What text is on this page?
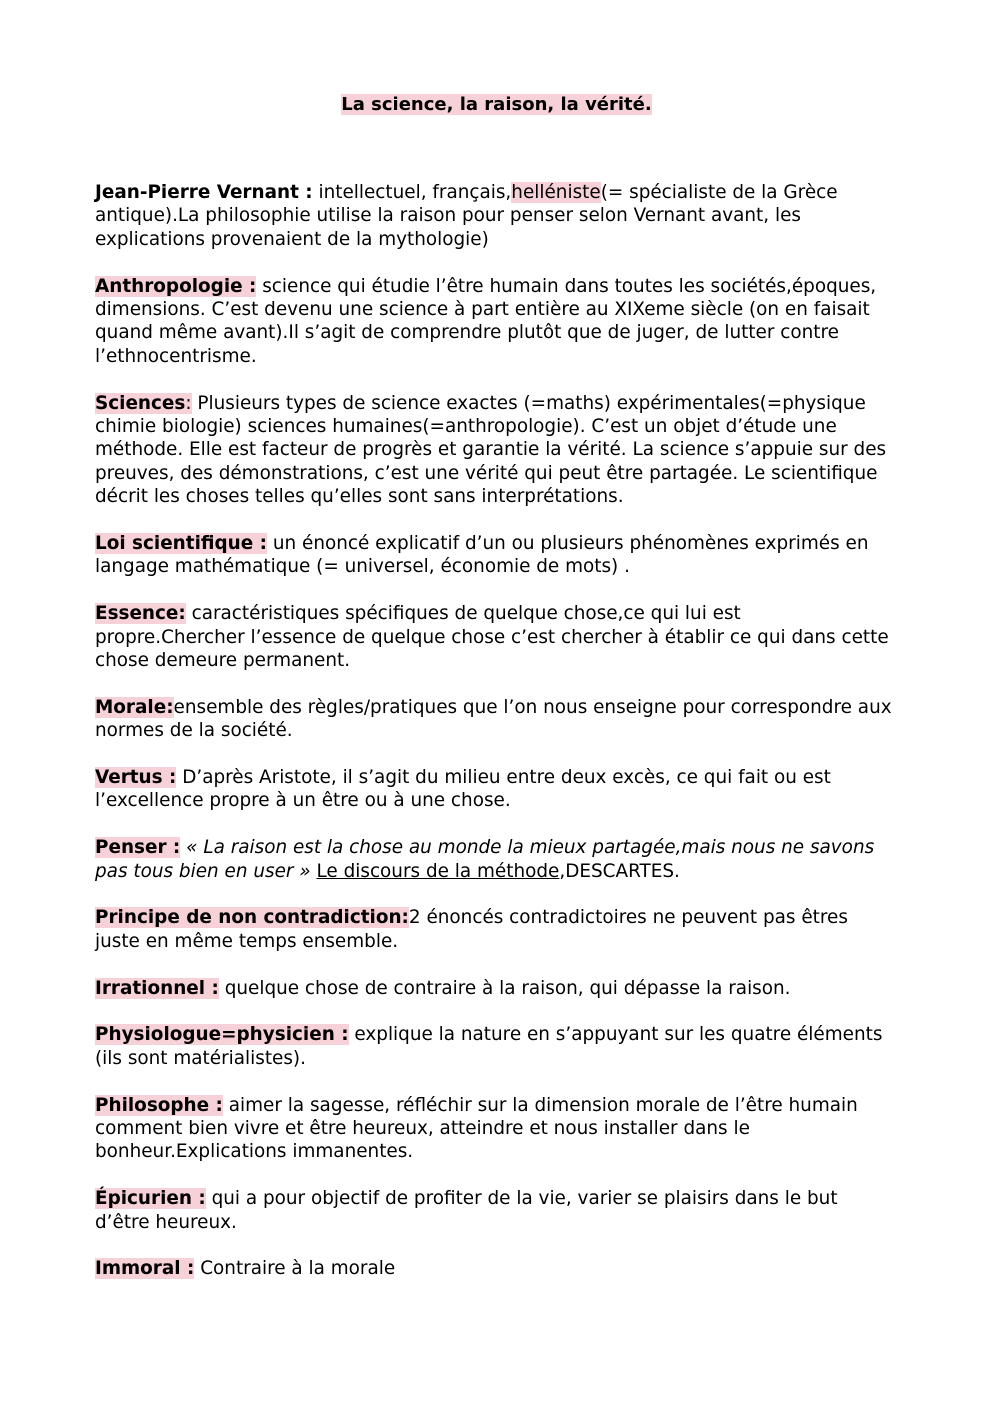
La science, la raison, la vérité.

Jean-Pierre Vernant : intellectuel, français,helléniste(= spécialiste de la Grèce antique).La philosophie utilise la raison pour penser selon Vernant avant, les explications provenaient de la mythologie)

Anthropologie : science qui étudie l’être humain dans toutes les sociétés,époques, dimensions. C’est devenu une science à part entière au XIXeme siècle (on en faisait quand même avant).Il s’agit de comprendre plutôt que de juger, de lutter contre l’ethnocentrisme.

Sciences: Plusieurs types de science exactes (=maths) expérimentales(=physique chimie biologie) sciences humaines(=anthropologie). C’est un objet d’étude une méthode. Elle est facteur de progrès et garantie la vérité. La science s’appuie sur des preuves, des démonstrations, c’est une vérité qui peut être partagée. Le scientifique décrit les choses telles qu’elles sont sans interprétations.

Loi scientifique : un énoncé explicatif d’un ou plusieurs phénomènes exprimés en langage mathématique (= universel, économie de mots) .

Essence: caractéristiques spécifiques de quelque chose,ce qui lui est propre.Chercher l’essence de quelque chose c’est chercher à établir ce qui dans cette chose demeure permanent.

Morale:ensemble des règles/pratiques que l’on nous enseigne pour correspondre aux normes de la société.

Vertus : D’après Aristote, il s’agit du milieu entre deux excès, ce qui fait ou est l’excellence propre à un être ou à une chose.

Penser : « La raison est la chose au monde la mieux partagée,mais nous ne savons pas tous bien en user » Le discours de la méthode,DESCARTES.

Principe de non contradiction:2 énoncés contradictoires ne peuvent pas êtres juste en même temps ensemble.

Irrationnel : quelque chose de contraire à la raison, qui dépasse la raison.

Physiologue=physicien : explique la nature en s’appuyant sur les quatre éléments (ils sont matérialistes).

Philosophe : aimer la sagesse, réfléchir sur la dimension morale de l’être humain comment bien vivre et être heureux, atteindre et nous installer dans le bonheur.Explications immanentes.

Épicurien : qui a pour objectif de profiter de la vie, varier se plaisirs dans le but d’être heureux.

Immoral : Contraire à la morale
